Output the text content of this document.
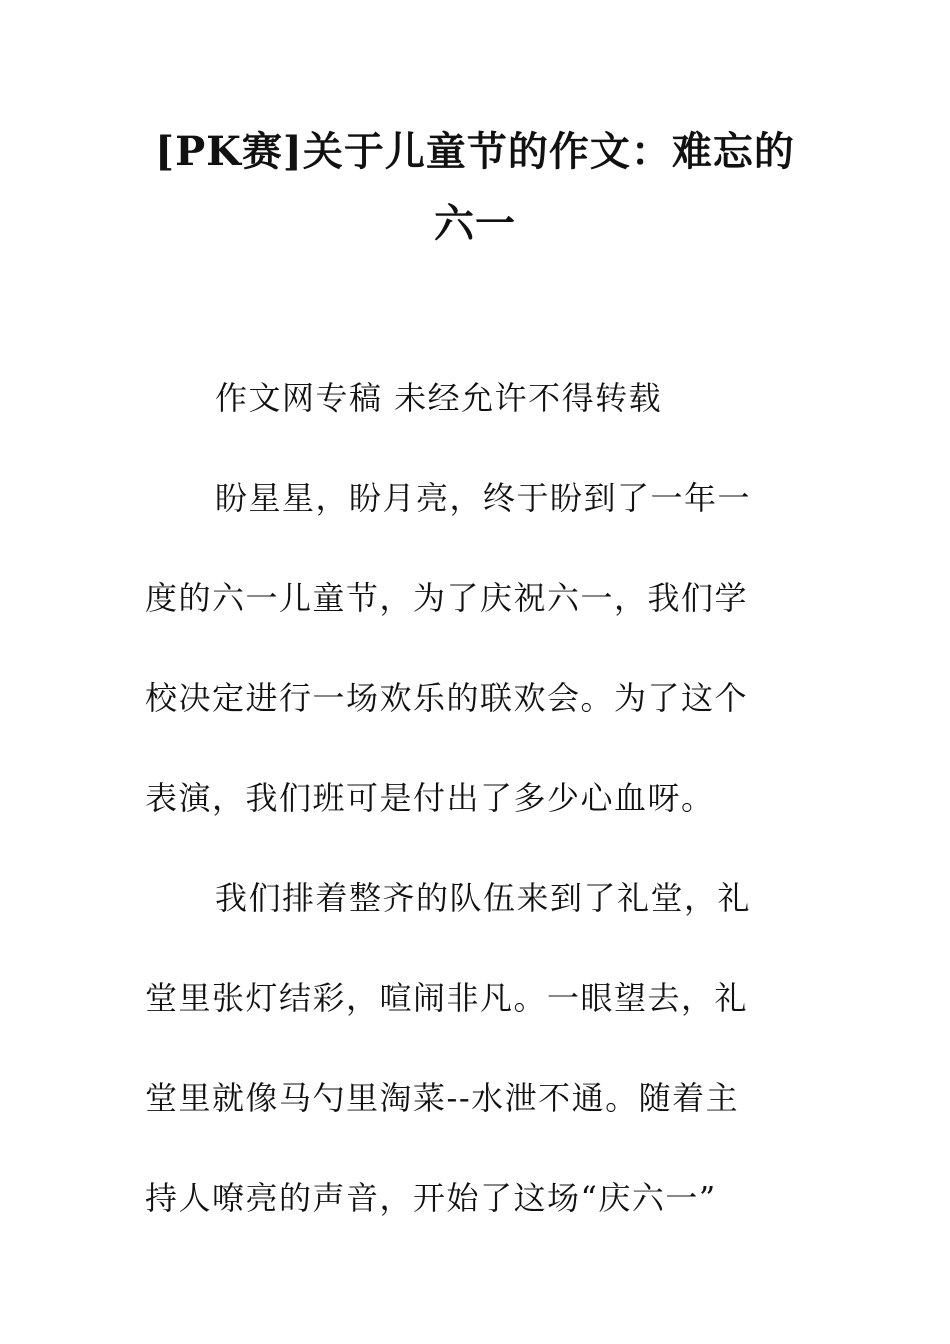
[PK赛]关于儿童节的作文：难忘的
六一

作文网专稿 未经允许不得转载

盼星星，盼月亮，终于盼到了一年一

度的六一儿童节，为了庆祝六一，我们学

校决定进行一场欢乐的联欢会。为了这个

表演，我们班可是付出了多少心血呀。

我们排着整齐的队伍来到了礼堂，礼

堂里张灯结彩，喧闹非凡。一眼望去，礼

堂里就像马勺里淘菜--水泄不通。随着主

持人嘹亮的声音，开始了这场“庆六一”
